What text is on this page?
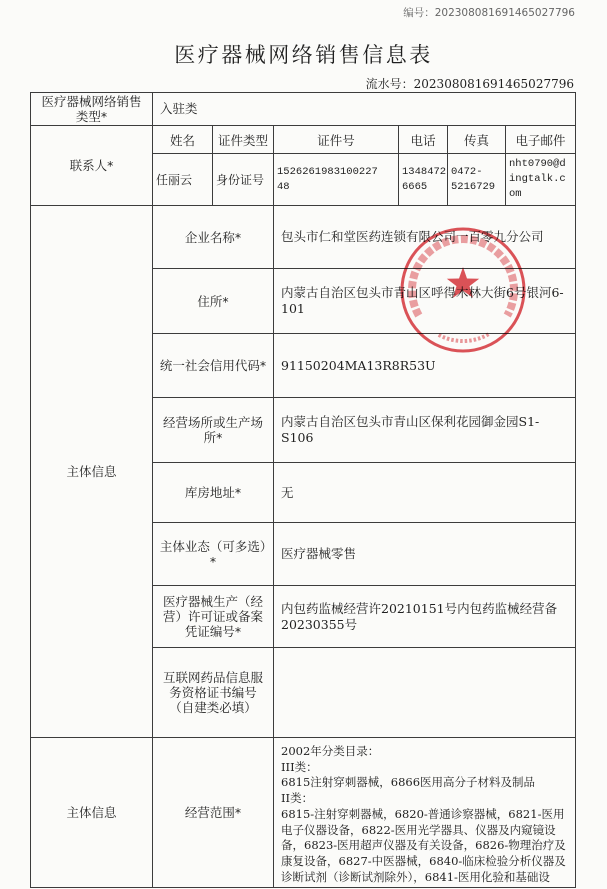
编号：202308081691465027796
医疗器械网络销售信息表
流水号：202308081691465027796
医疗器械网络销售类型*	入驻类					
联系人*	姓名	证件类型	证件号	电话	传真	电子邮件
	任丽云	身份证号	152626198310022748	13484726665	0472-​5216729	nht0790@dingtalk.com
主体信息	企业名称*		包头市仁和堂医药连锁有限公司一百零九分公司			
	住所*		内蒙古自治区包头市青山区呼得木林大街6号银河6-101			
	统一社会信用代码*		91150204MA13R8R53U			
	经营场所或生产场所*		内蒙古自治区包头市青山区保利花园御金园S1-S106			
	库房地址*		无			
	主体业态（可多选）*		医疗器械零售			
	医疗器械生产（经营）许可证或备案凭证编号*		内包药监械经营许20210151号内包药监械经营备20230355号			
	互联网药品信息服务资格证书编号（自建类必填）					
主体信息	经营范围*		2002年分类目录：
III类：
6815注射穿刺器械，6866医用高分子材料及制品
II类：
6815-注射穿刺器械，6820-普通诊察器械，6821-医用电子仪器设备，6822-医用光学器具、仪器及内窥镜设备，6823-医用超声仪器及有关设备，6826-物理治疗及康复设备，6827-中医器械，6840-临床检验分析仪器及诊断试剂（诊断试剂除外），6841-医用化验和基础设			
